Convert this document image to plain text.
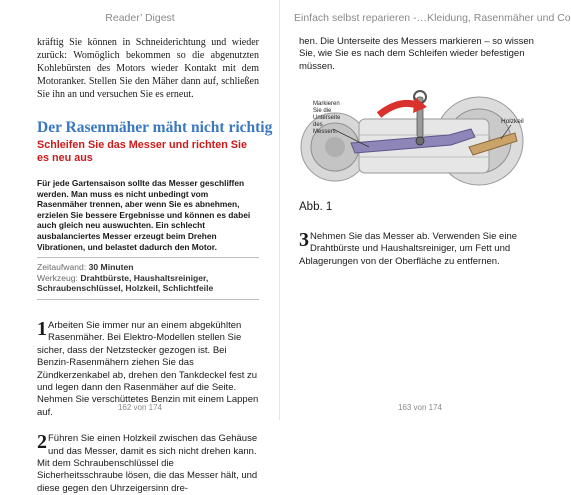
Reader’ Digest

kräftig Sie können in Schneiderichtung und wieder zurück: Womöglich bekommen so die abgenutzten Kohlebürsten des Motors wieder Kontakt mit dem Motoranker. Stellen Sie den Mäher dann auf, schließen Sie ihn an und versuchen Sie es erneut.

Der Rasenmäher mäht nicht richtig
Schleifen Sie das Messer und richten Sie es neu aus

Für jede Gartensaison sollte das Messer geschliffen werden. Man muss es nicht unbedingt vom Rasenmäher trennen, aber wenn Sie es abnehmen, erzielen Sie bessere Ergebnisse und können es dabei auch gleich neu auswuchten. Ein schlecht ausbalanciertes Messer erzeugt beim Drehen Vibrationen, und belastet dadurch den Motor.

Zeitaufwand: 30 Minuten

Werkzeug: Drahtbürste, Haushaltsreiniger, Schraubenschlüssel, Holzkeil, Schlichtfeile

1 Arbeiten Sie immer nur an einem abgekühlten Rasenmäher. Bei Elektro-Modellen stellen Sie sicher, dass der Netzstecker gezogen ist. Bei Benzin-Rasenmähern ziehen Sie das Zündkerzenkabel ab, drehen den Tankdeckel fest zu und legen dann den Rasenmäher auf die Seite. Nehmen Sie verschüttetes Benzin mit einem Lappen auf.
2 Führen Sie einen Holzkeil zwischen das Gehäuse und das Messer, damit es sich nicht drehen kann. Mit dem Schraubenschlüssel die Sicherheitsschraube lösen, die das Messer hält, und diese gegen den Uhrzeigersinn dre-
162 von 174
Einfach selbst reparieren -…Kleidung, Rasenmäher und Co

hen. Die Unterseite des Messers markieren – so wissen Sie, wie Sie es nach dem Schleifen wieder befestigen müssen.

Markieren Sie die Unterseite des Messers.
Holzkeil
Abb. 1
3 Nehmen Sie das Messer ab. Verwenden Sie eine Drahtbürste und Haushaltsreiniger, um Fett und Ablagerungen von der Oberfläche zu entfernen.
163 von 174
